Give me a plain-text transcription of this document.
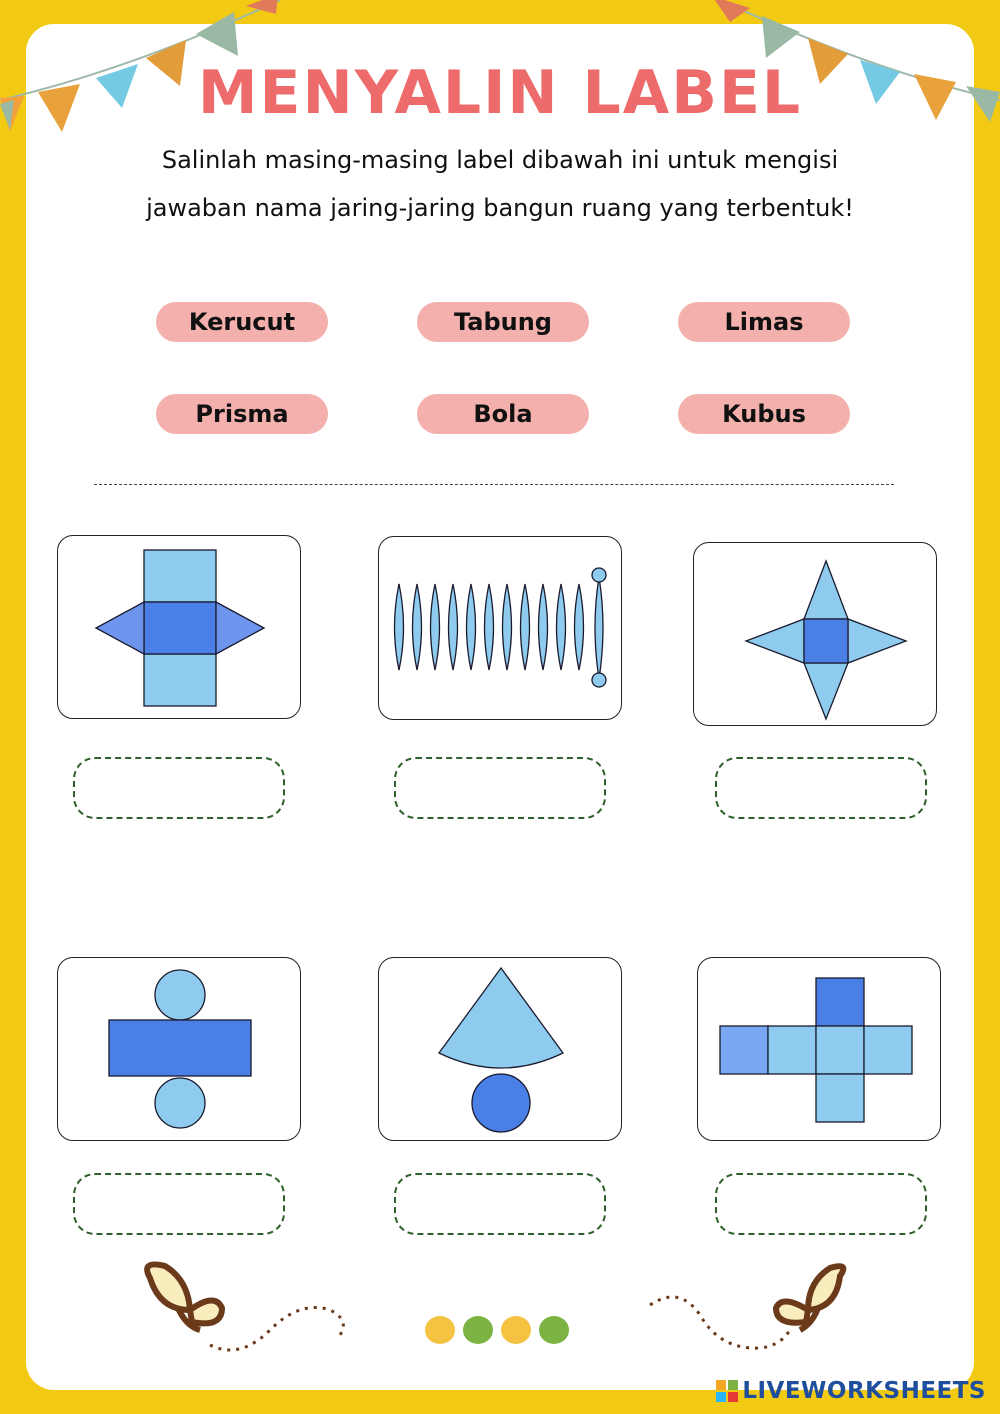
MENYALIN LABEL
Salinlah masing-masing label dibawah ini untuk mengisi
jawaban nama jaring-jaring bangun ruang yang terbentuk!
Kerucut	Tabung	Limas
Prisma	Bola	Kubus
LIVEWORKSHEETS
